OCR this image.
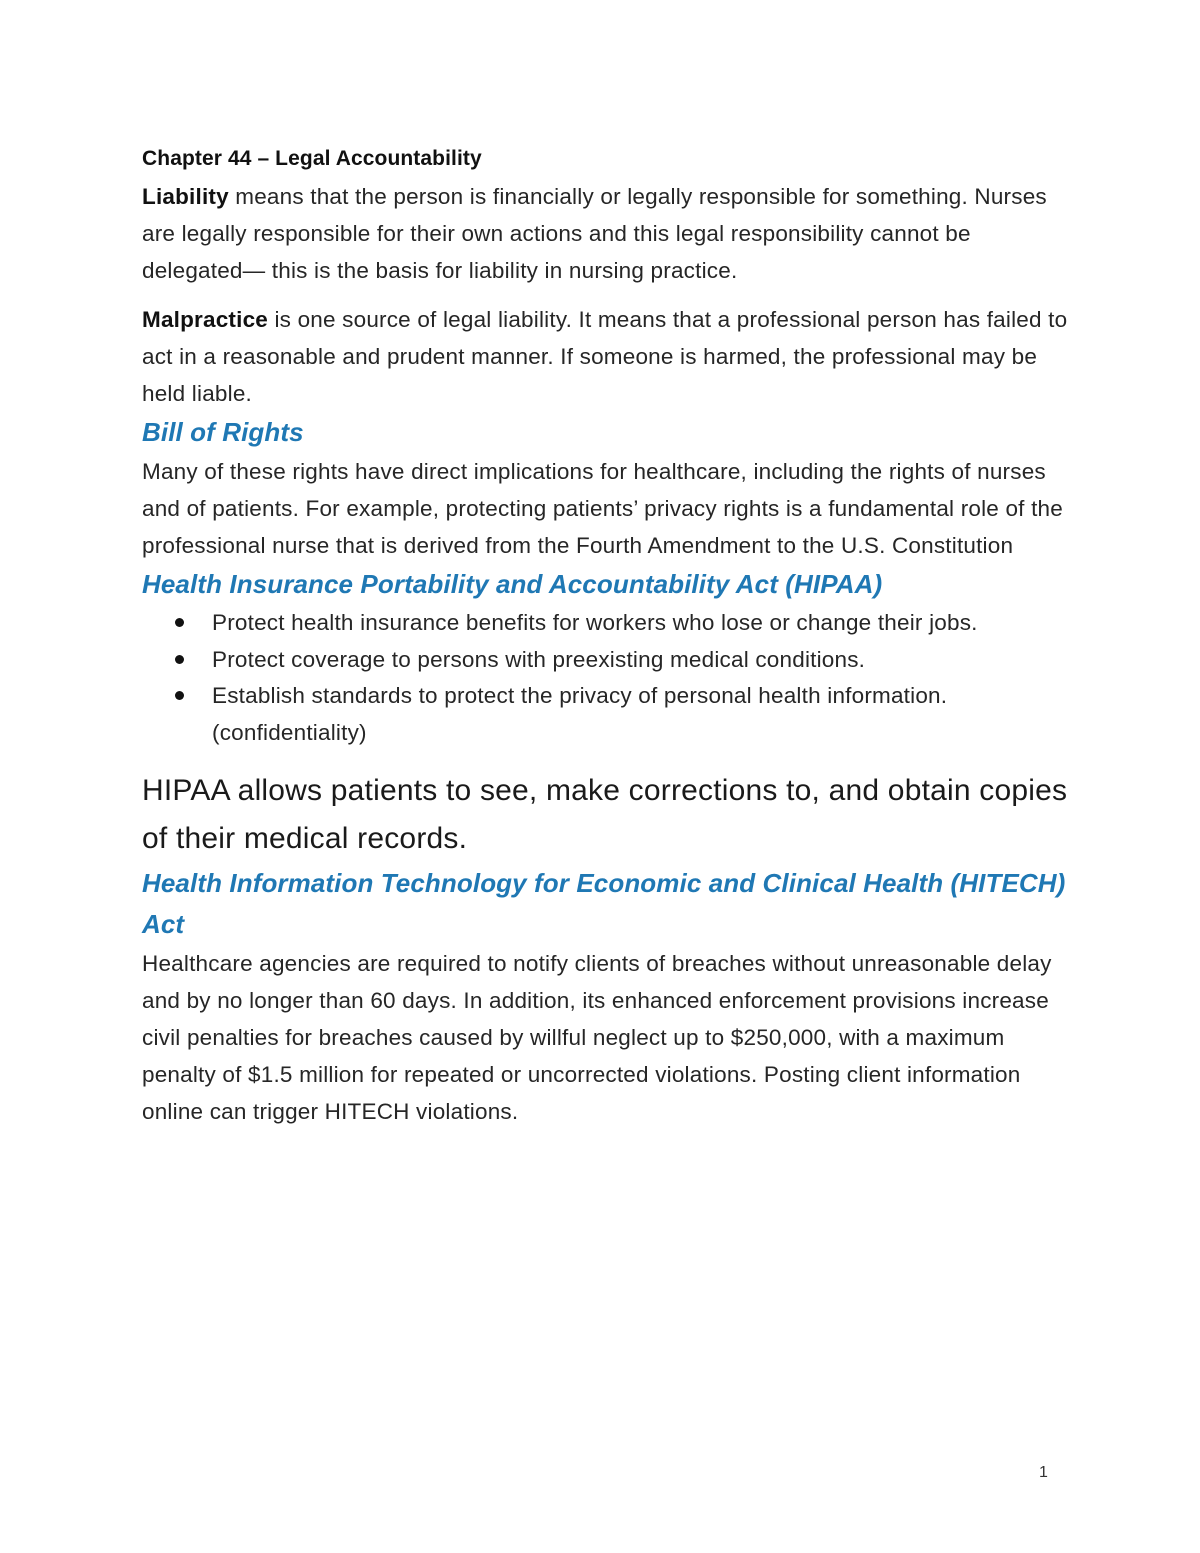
Chapter 44 – Legal Accountability

Liability means that the person is financially or legally responsible for something. Nurses are legally responsible for their own actions and this legal responsibility cannot be delegated— this is the basis for liability in nursing practice.

Malpractice is one source of legal liability. It means that a professional person has failed to act in a reasonable and prudent manner. If someone is harmed, the professional may be held liable.

Bill of Rights

Many of these rights have direct implications for healthcare, including the rights of nurses and of patients. For example, protecting patients’ privacy rights is a fundamental role of the professional nurse that is derived from the Fourth Amendment to the U.S. Constitution

Health Insurance Portability and Accountability Act (HIPAA)
Protect health insurance benefits for workers who lose or change their jobs.
Protect coverage to persons with preexisting medical conditions.
Establish standards to protect the privacy of personal health information. (confidentiality)

HIPAA allows patients to see, make corrections to, and obtain copies of their medical records.

Health Information Technology for Economic and Clinical Health (HITECH) Act

Healthcare agencies are required to notify clients of breaches without unreasonable delay and by no longer than 60 days. In addition, its enhanced enforcement provisions increase civil penalties for breaches caused by willful neglect up to $250,000, with a maximum penalty of $1.5 million for repeated or uncorrected violations. Posting client information online can trigger HITECH violations.

1
